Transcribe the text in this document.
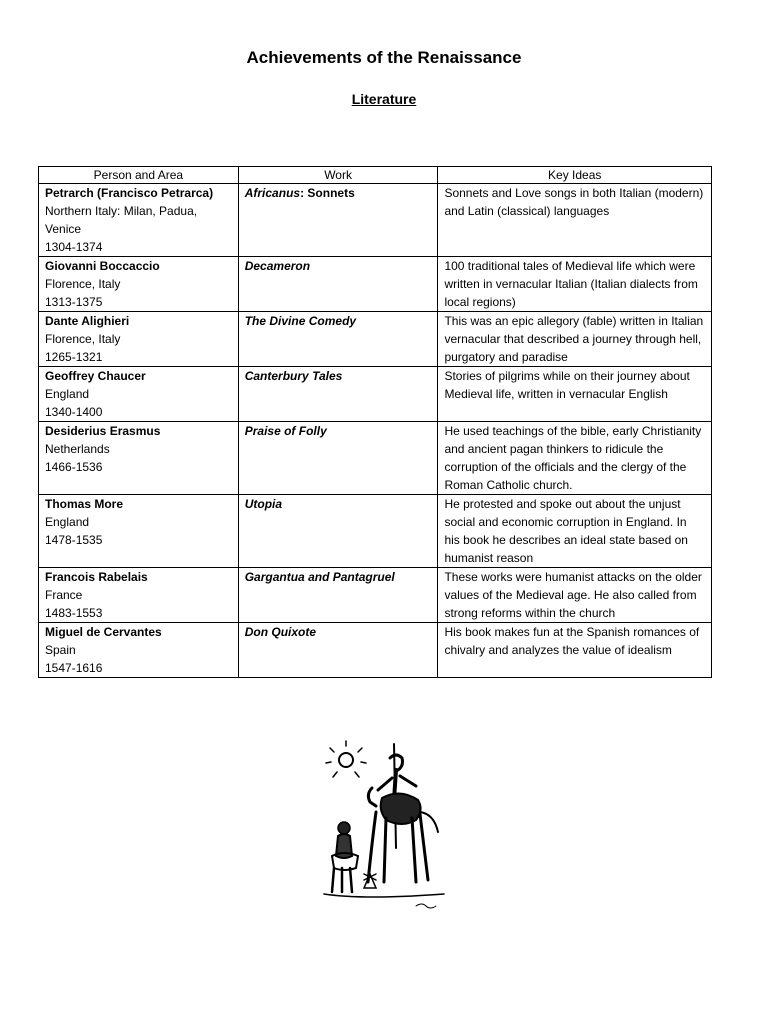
Achievements of the Renaissance
Literature
Person and Area	Work	Key Ideas

Petrarch (Francisco Petrarca)
Northern Italy: Milan, Padua, Venice
1304-1374	Africanus: Sonnets	Sonnets and Love songs in both Italian (modern) and Latin (classical) languages

Giovanni Boccaccio
Florence, Italy
1313-1375	Decameron	100 traditional tales of Medieval life which were written in vernacular Italian (Italian dialects from local regions)

Dante Alighieri
Florence, Italy
1265-1321	The Divine Comedy	This was an epic allegory (fable) written in Italian vernacular that described a journey through hell, purgatory and paradise

Geoffrey Chaucer
England
1340-1400	Canterbury Tales	Stories of pilgrims while on their journey about Medieval life, written in vernacular English

Desiderius Erasmus
Netherlands
1466-1536	Praise of Folly	He used teachings of the bible, early Christianity and ancient pagan thinkers to ridicule the corruption of the officials and the clergy of the Roman Catholic church.

Thomas More
England
1478-1535	Utopia	He protested and spoke out about the unjust social and economic corruption in England. In his book he describes an ideal state based on humanist reason

Francois Rabelais
France
1483-1553	Gargantua and Pantagruel	These works were humanist attacks on the older values of the Medieval age. He also called from strong reforms within the church

Miguel de Cervantes
Spain
1547-1616	Don Quixote	His book makes fun at the Spanish romances of chivalry and analyzes the value of idealism
